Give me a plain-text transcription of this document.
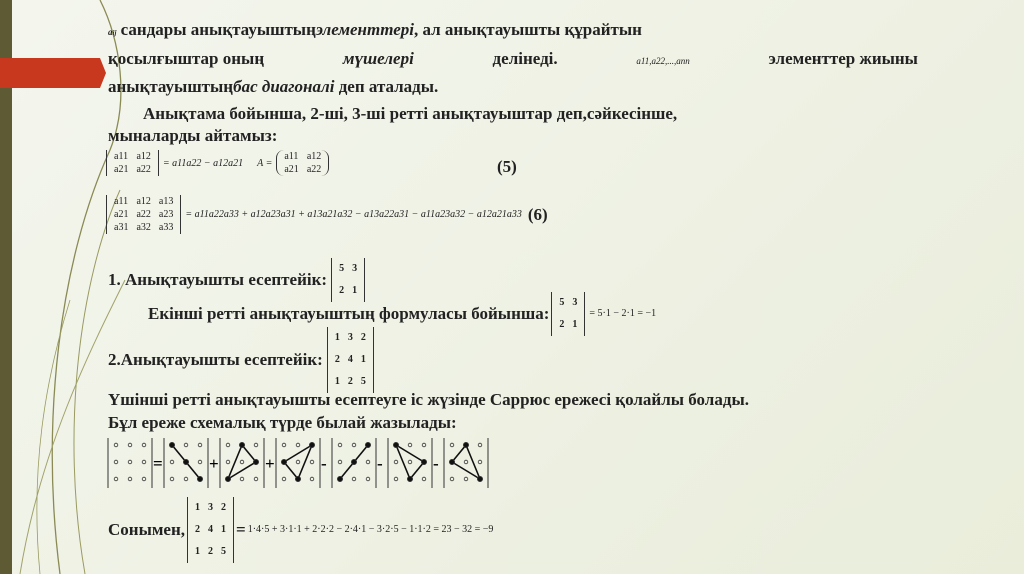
aij сандары анықтауыштыңэлементтері, ал анықтауышты құрайтын
қосылғыштар оның	мүшелері	делінеді.	a11,a22,...,ann	элементтер жиыны
анықтауыштыңбас диагоналі деп аталады.
Анықтама бойынша, 2-ші, 3-ші ретті анықтауыштар деп,сәйкесінше,
мыналарды айтамыз:
a11	a12
a21	a22
= a11a22 − a12a21 A =
a11	a12
a21	a22	(5)
a11	a12	a13
a21	a22	a23
a31	a32	a33
= a11a22a33 + a12a23a31 + a13a21a32 − a13a22a31 − a11a23a32 − a12a21a33 (6)
1. Анықтауышты есептейік:
5	3
2	1
Екінші ретті анықтауыштың формуласы бойынша:
5	3
2	1
= 5·1 − 2·1 = −1
2.Анықтауышты есептейік:
1	3	2
2	4	1
1	2	5
Үшінші ретті анықтауышты есептеуге іс жүзінде Саррюс ережесі қолайлы болады.
Бұл ереже схемалық түрде былай жазылады:
=	+	+	-	-	-
Сонымен,
1	3	2
2	4	1
1	2	5
= 1·4·5 + 3·1·1 + 2·2·2 − 2·4·1 − 3·2·5 − 1·1·2 = 23 − 32 = −9
